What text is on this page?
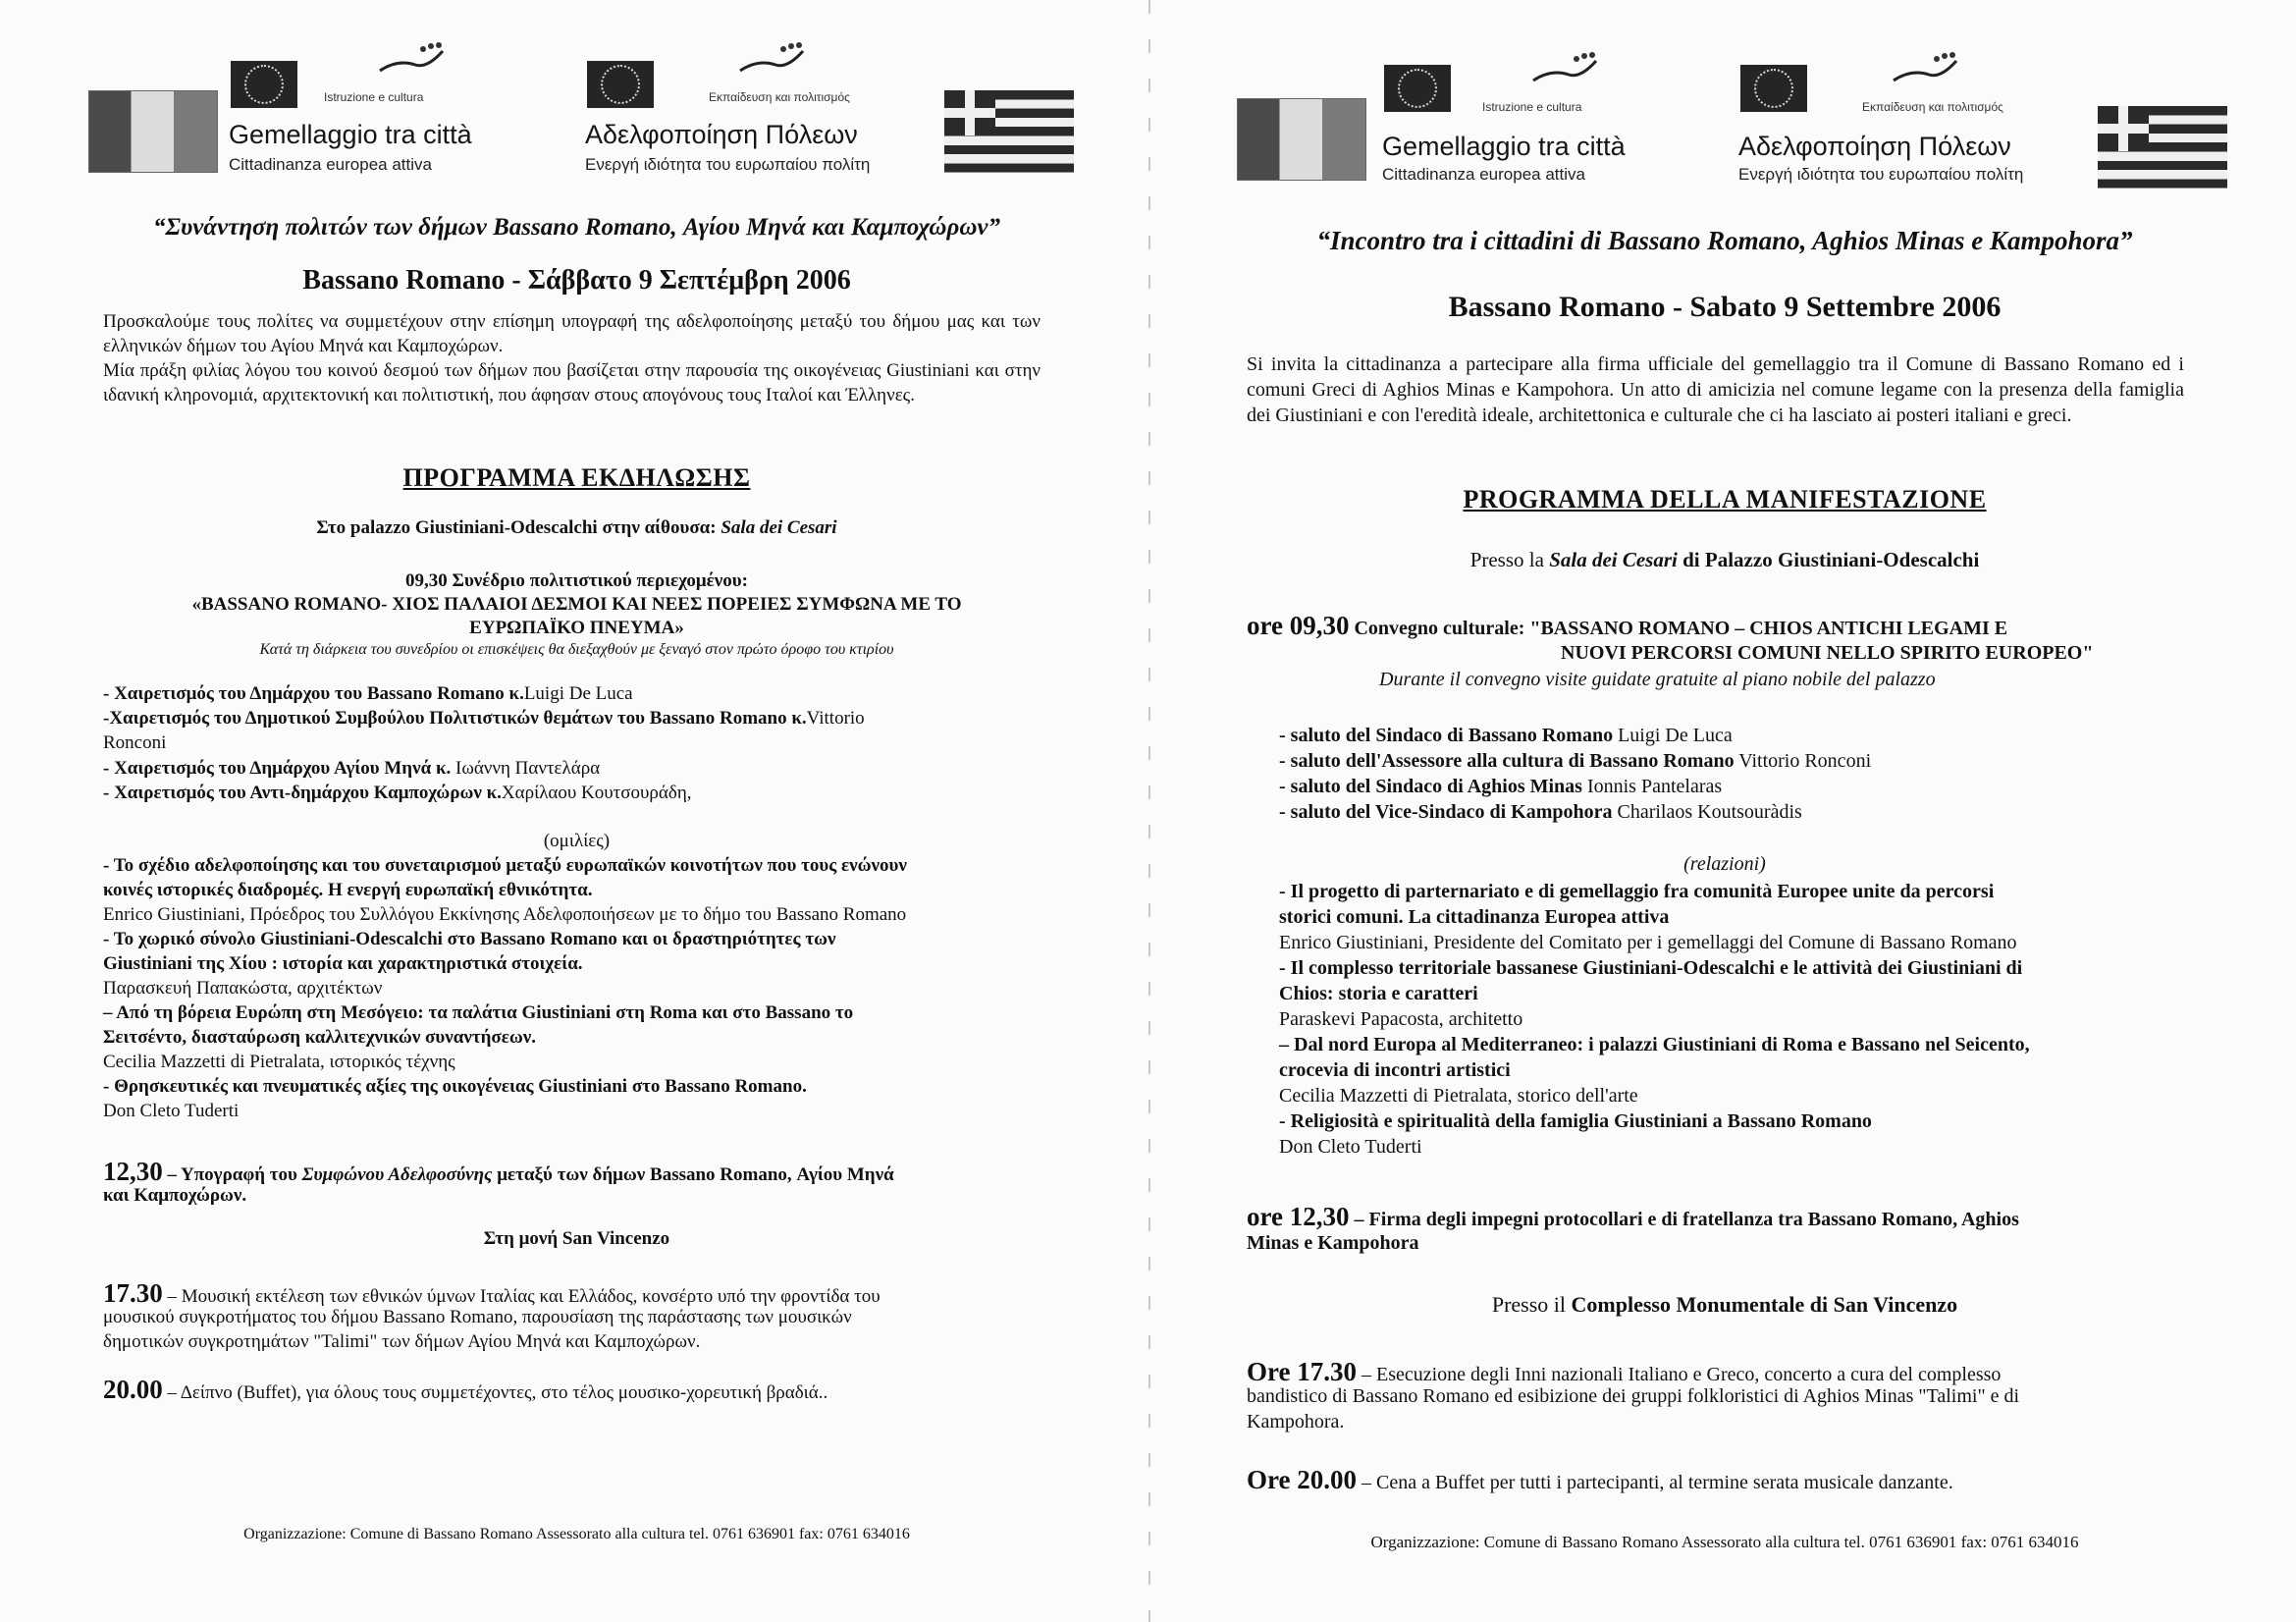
Istruzione e cultura
Gemellaggio tra città
Cittadinanza europea attiva
Εκπαίδευση και πολιτισμός
Αδελφοποίηση Πόλεων
Ενεργή ιδιότητα του ευρωπαίου πολίτη
“Συνάντηση πολιτών των δήμων Bassano Romano, Αγίου Μηνά και Καμποχώρων”
Bassano Romano - Σάββατο 9 Σεπτέμβρη 2006
Προσκαλούμε τους πολίτες να συμμετέχουν στην επίσημη υπογραφή της αδελφοποίησης μεταξύ του δήμου μας και των ελληνικών δήμων του Αγίου Μηνά και Καμποχώρων.
Μία πράξη φιλίας λόγου του κοινού δεσμού των δήμων που βασίζεται στην παρουσία της οικογένειας Giustiniani και στην ιδανική κληρονομιά, αρχιτεκτονική και πολιτιστική, που άφησαν στους απογόνους τους Ιταλοί και Έλληνες.
ΠΡΟΓΡΑΜΜΑ ΕΚΔΗΛΩΣΗΣ
Στο palazzo Giustiniani-Odescalchi στην αίθουσα: Sala dei Cesari
09,30 Συνέδριο πολιτιστικού περιεχομένου:
«BASSANO ROMANO- ΧΙΟΣ ΠΑΛΑΙΟΙ ΔΕΣΜΟΙ ΚΑΙ ΝΕΕΣ ΠΟΡΕΙΕΣ ΣΥΜΦΩΝΑ ΜΕ ΤΟ
ΕΥΡΩΠΑΪΚΟ ΠΝΕΥΜΑ»
Κατά τη διάρκεια του συνεδρίου οι επισκέψεις θα διεξαχθούν με ξεναγό στον πρώτο όροφο του κτιρίου
- Χαιρετισμός του Δημάρχου του Bassano Romano κ.Luigi De Luca
-Χαιρετισμός του Δημοτικού Συμβούλου Πολιτιστικών θεμάτων του Bassano Romano κ.Vittorio
Ronconi
- Χαιρετισμός του Δημάρχου Αγίου Μηνά κ. Ιωάννη Παντελάρα
- Χαιρετισμός του Αντι-δημάρχου Καμποχώρων κ.Χαρίλαου Κουτσουράδη,
(ομιλίες)
- Το σχέδιο αδελφοποίησης και του συνεταιρισμού μεταξύ ευρωπαϊκών κοινοτήτων που τους ενώνουν
κοινές ιστορικές διαδρομές. Η ενεργή ευρωπαϊκή εθνικότητα.
Enrico Giustiniani, Πρόεδρος του Συλλόγου Εκκίνησης Αδελφοποιήσεων με το δήμο του Bassano Romano
- Το χωρικό σύνολο Giustiniani-Odescalchi στο Bassano Romano και οι δραστηριότητες των
Giustiniani της Χίου : ιστορία και χαρακτηριστικά στοιχεία.
Παρασκευή Παπακώστα, αρχιτέκτων
– Από τη βόρεια Ευρώπη στη Μεσόγειο: τα παλάτια Giustiniani στη Roma και στο Bassano το
Σειτσέντο, διασταύρωση καλλιτεχνικών συναντήσεων.
Cecilia Mazzetti di Pietralata, ιστορικός τέχνης
- Θρησκευτικές και πνευματικές αξίες της οικογένειας Giustiniani στο Bassano Romano.
Don Cleto Tuderti
12,30 – Υπογραφή του Συμφώνου Αδελφοσύνης μεταξύ των δήμων Bassano Romano, Αγίου Μηνά
και Καμποχώρων.
Στη μονή San Vincenzo
17.30 – Μουσική εκτέλεση των εθνικών ύμνων Ιταλίας και Ελλάδος, κονσέρτο υπό την φροντίδα του
μουσικού συγκροτήματος του δήμου Bassano Romano, παρουσίαση της παράστασης των μουσικών
δημοτικών συγκροτημάτων "Talimi" των δήμων Αγίου Μηνά και Καμποχώρων.
20.00 – Δείπνο (Buffet), για όλους τους συμμετέχοντες, στο τέλος μουσικο-χορευτική βραδιά..
Organizzazione: Comune di Bassano Romano Assessorato alla cultura tel. 0761 636901 fax: 0761 634016
Istruzione e cultura
Gemellaggio tra città
Cittadinanza europea attiva
Εκπαίδευση και πολιτισμός
Αδελφοποίηση Πόλεων
Ενεργή ιδιότητα του ευρωπαίου πολίτη
“Incontro tra i cittadini di Bassano Romano, Aghios Minas e Kampohora”
Bassano Romano - Sabato 9 Settembre 2006
Si invita la cittadinanza a partecipare alla firma ufficiale del gemellaggio tra il Comune di Bassano Romano ed i comuni Greci di Aghios Minas e Kampohora. Un atto di amicizia nel comune legame con la presenza della famiglia dei Giustiniani e con l'eredità ideale, architettonica e culturale che ci ha lasciato ai posteri italiani e greci.
PROGRAMMA DELLA MANIFESTAZIONE
Presso la Sala dei Cesari di Palazzo Giustiniani-Odescalchi
ore 09,30 Convegno culturale: "BASSANO ROMANO – CHIOS ANTICHI LEGAMI E
NUOVI PERCORSI COMUNI NELLO SPIRITO EUROPEO"
Durante il convegno visite guidate gratuite al piano nobile del palazzo
- saluto del Sindaco di Bassano Romano Luigi De Luca
- saluto dell'Assessore alla cultura di Bassano Romano Vittorio Ronconi
- saluto del Sindaco di Aghios Minas Ionnis Pantelaras
- saluto del Vice-Sindaco di Kampohora Charilaos Koutsouràdis
(relazioni)
- Il progetto di parternariato e di gemellaggio fra comunità Europee unite da percorsi
storici comuni. La cittadinanza Europea attiva
Enrico Giustiniani, Presidente del Comitato per i gemellaggi del Comune di Bassano Romano
- Il complesso territoriale bassanese Giustiniani-Odescalchi e le attività dei Giustiniani di
Chios: storia e caratteri
Paraskevi Papacosta, architetto
– Dal nord Europa al Mediterraneo: i palazzi Giustiniani di Roma e Bassano nel Seicento,
crocevia di incontri artistici
Cecilia Mazzetti di Pietralata, storico dell'arte
- Religiosità e spiritualità della famiglia Giustiniani a Bassano Romano
Don Cleto Tuderti
ore 12,30 – Firma degli impegni protocollari e di fratellanza tra Bassano Romano, Aghios
Minas e Kampohora
Presso il Complesso Monumentale di San Vincenzo
Ore 17.30 – Esecuzione degli Inni nazionali Italiano e Greco, concerto a cura del complesso
bandistico di Bassano Romano ed esibizione dei gruppi folkloristici di Aghios Minas "Talimi" e di
Kampohora.
Ore 20.00 – Cena a Buffet per tutti i partecipanti, al termine serata musicale danzante.
Organizzazione: Comune di Bassano Romano Assessorato alla cultura tel. 0761 636901 fax: 0761 634016
